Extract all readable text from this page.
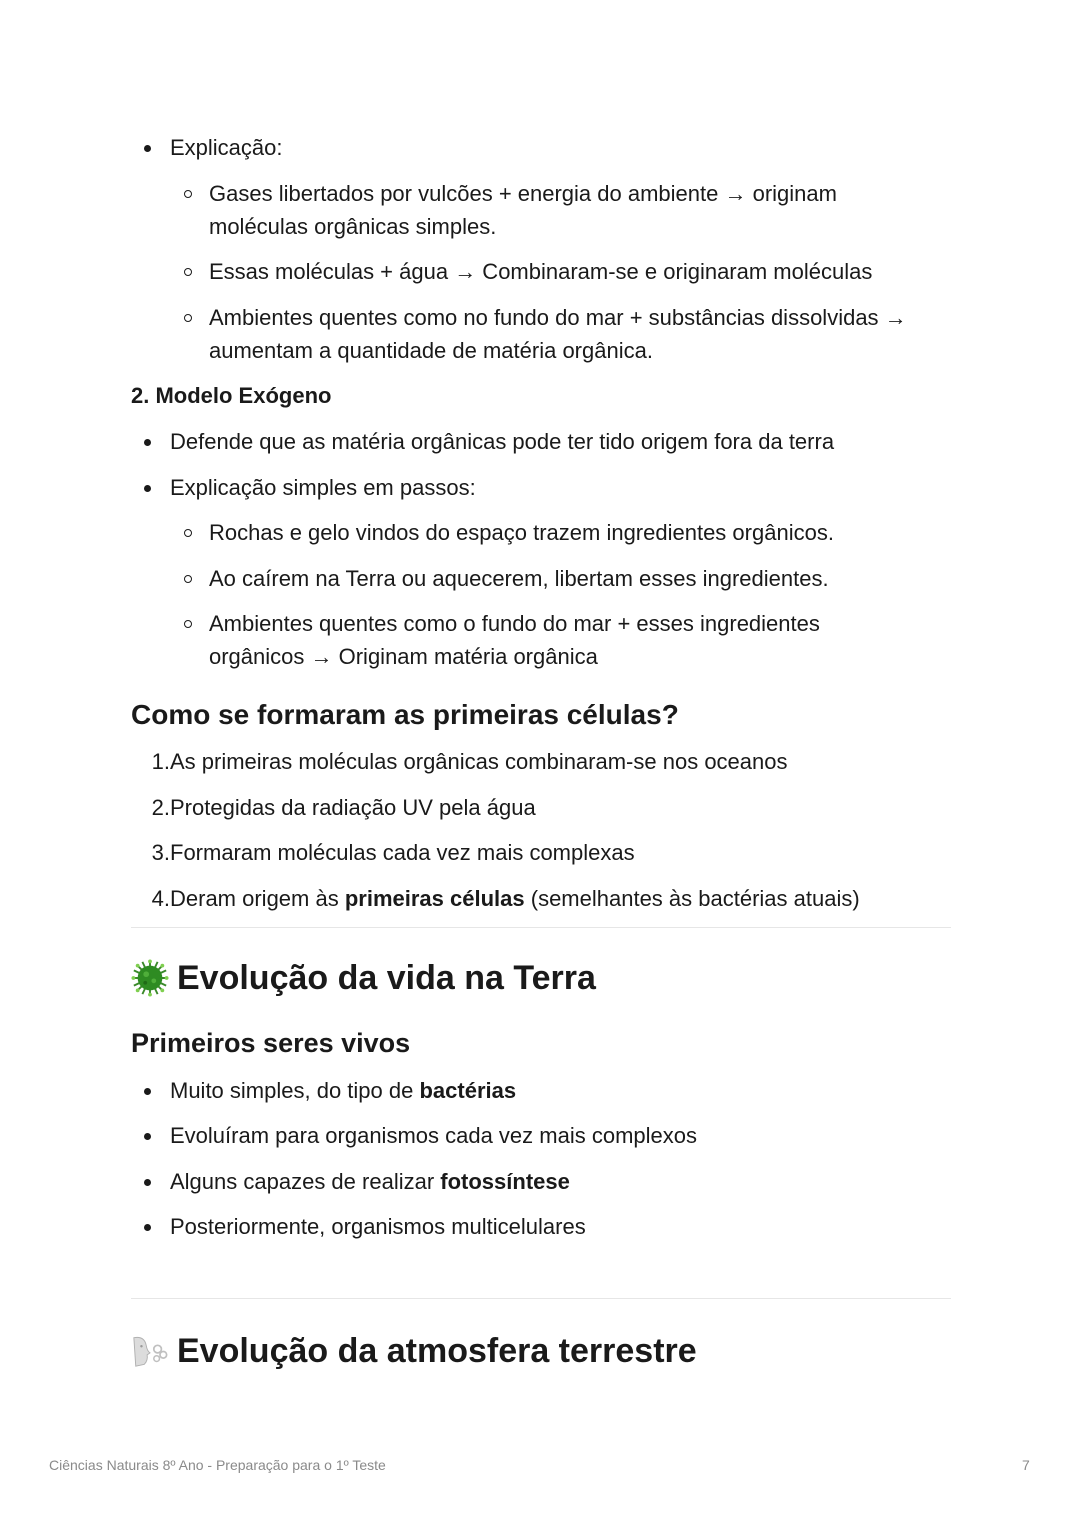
Explicação:
Gases libertados por vulcões + energia do ambiente → originam
moléculas orgânicas simples.
Essas moléculas + água → Combinaram-se e originaram moléculas
Ambientes quentes como no fundo do mar + substâncias dissolvidas →
aumentam a quantidade de matéria orgânica.
2. Modelo Exógeno
Defende que as matéria orgânicas pode ter tido origem fora da terra
Explicação simples em passos:
Rochas e gelo vindos do espaço trazem ingredientes orgânicos.
Ao caírem na Terra ou aquecerem, libertam esses ingredientes.
Ambientes quentes como o fundo do mar + esses ingredientes
orgânicos → Originam matéria orgânica
Como se formaram as primeiras células?
1. As primeiras moléculas orgânicas combinaram-se nos oceanos
2. Protegidas da radiação UV pela água
3. Formaram moléculas cada vez mais complexas
4. Deram origem às primeiras células (semelhantes às bactérias atuais)
Evolução da vida na Terra
Primeiros seres vivos
Muito simples, do tipo de bactérias
Evoluíram para organismos cada vez mais complexos
Alguns capazes de realizar fotossíntese
Posteriormente, organismos multicelulares
Evolução da atmosfera terrestre
Ciências Naturais 8º Ano - Preparação para o 1º Teste	7
